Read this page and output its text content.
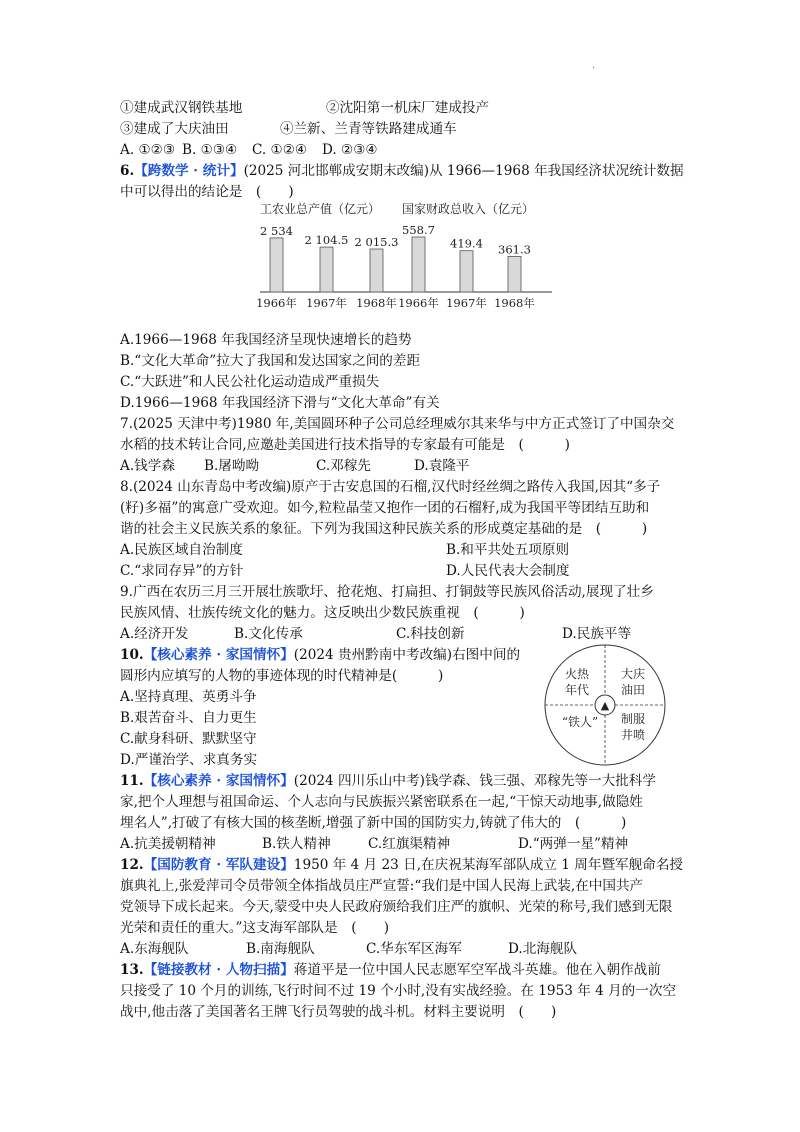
.
①建成武汉钢铁基地	②沈阳第一机床厂建成投产
③建成了大庆油田	④兰新、兰青等铁路建成通车
A. ①②③ B. ①③④ C. ①②④ D. ②③④
6.【跨数学 · 统计】(2025 河北邯郸成安期末改编)从 1966—1968 年我国经济状况统计数据
中可以得出的结论是　(　　)
工农业总产值（亿元） 国家财政总收入（亿元）
2 534
1966年
2 104.5
1967年
2 015.3
1968年
558.7
1966年
419.4
1967年
361.3
1968年
A.1966—1968 年我国经济呈现快速增长的趋势
B.“文化大革命”拉大了我国和发达国家之间的差距
C.“大跃进”和人民公社化运动造成严重损失
D.1966—1968 年我国经济下滑与“文化大革命”有关
7.(2025 天津中考)1980 年,美国圆环种子公司总经理威尔其来华与中方正式签订了中国杂交
水稻的技术转让合同,应邀赴美国进行技术指导的专家最有可能是　(　　　)
A.钱学森 B.屠呦呦	C.邓稼先	D.袁隆平
8.(2024 山东青岛中考改编)原产于古安息国的石榴,汉代时经丝绸之路传入我国,因其“多子
(籽)多福”的寓意广受欢迎。如今,粒粒晶莹又抱作一团的石榴籽,成为我国平等团结互助和
谐的社会主义民族关系的象征。下列为我国这种民族关系的形成奠定基础的是　(　　　)
A.民族区域自治制度	B.和平共处五项原则
C.“求同存异”的方针	D.人民代表大会制度
9.广西在农历三月三开展壮族歌圩、抢花炮、打扁担、打铜鼓等民族风俗活动,展现了壮乡
民族风情、壮族传统文化的魅力。这反映出少数民族重视　(　　　)
A.经济开发	B.文化传承	C.科技创新	D.民族平等
10.【核心素养 · 家国情怀】(2024 贵州黔南中考改编)右图中间的
圆形内应填写的人物的事迹体现的时代精神是(　　　)
A.坚持真理、英勇斗争
B.艰苦奋斗、自力更生
C.献身科研、默默坚守
D.严谨治学、求真务实
▲
火热
年代
大庆
油田
“铁人” 制服
井喷
11.【核心素养 · 家国情怀】(2024 四川乐山中考)钱学森、钱三强、邓稼先等一大批科学
家,把个人理想与祖国命运、个人志向与民族振兴紧密联系在一起,“干惊天动地事,做隐姓
埋名人”,打破了有核大国的核垄断,增强了新中国的国防实力,铸就了伟大的　(　　　)
A.抗美援朝精神	B.铁人精神	C.红旗渠精神	D.“两弹一星”精神
12.【国防教育 · 军队建设】1950 年 4 月 23 日,在庆祝某海军部队成立 1 周年暨军舰命名授
旗典礼上,张爱萍司令员带领全体指战员庄严宣誓:“我们是中国人民海上武装,在中国共产
党领导下成长起来。今天,蒙受中央人民政府颁给我们庄严的旗帜、光荣的称号,我们感到无限
光荣和责任的重大。”这支海军部队是　(　　)
A.东海舰队	B.南海舰队	C.华东军区海军	D.北海舰队
13.【链接教材 · 人物扫描】蒋道平是一位中国人民志愿军空军战斗英雄。他在入朝作战前
只接受了 10 个月的训练,飞行时间不过 19 个小时,没有实战经验。在 1953 年 4 月的一次空
战中,他击落了美国著名王牌飞行员驾驶的战斗机。材料主要说明　(　　)
